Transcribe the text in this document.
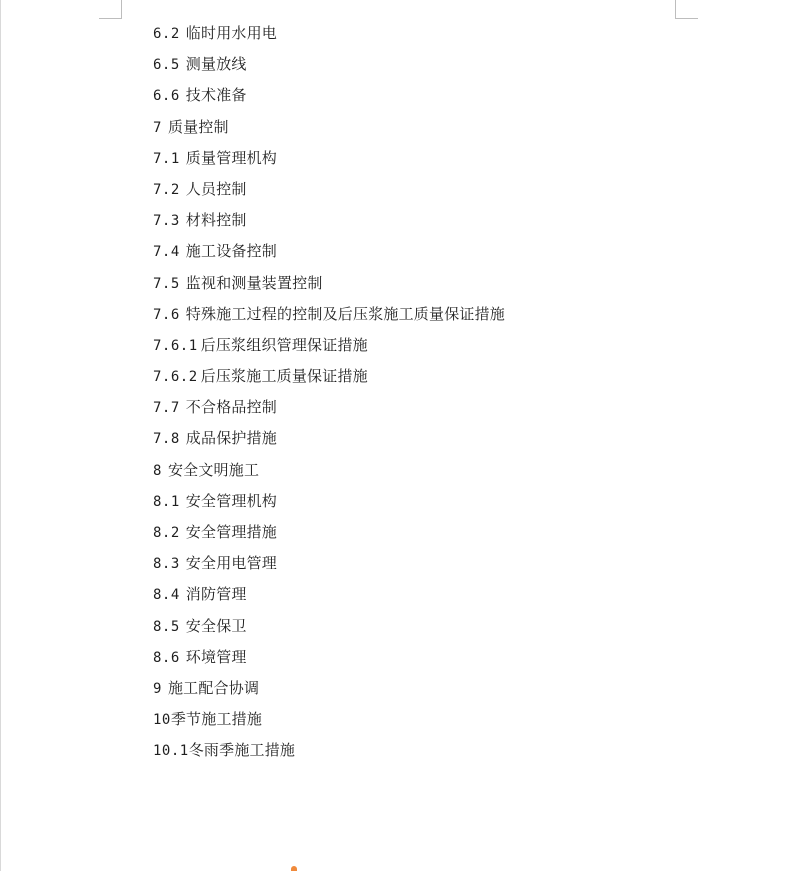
6.2 临时用水用电
6.5 测量放线
6.6 技术准备
7 质量控制
7.1 质量管理机构
7.2 人员控制
7.3 材料控制
7.4 施工设备控制
7.5 监视和测量装置控制
7.6 特殊施工过程的控制及后压浆施工质量保证措施
7.6.1 后压浆组织管理保证措施
7.6.2 后压浆施工质量保证措施
7.7 不合格品控制
7.8 成品保护措施
8 安全文明施工
8.1 安全管理机构
8.2 安全管理措施
8.3 安全用电管理
8.4 消防管理
8.5 安全保卫
8.6 环境管理
9 施工配合协调
10季节施工措施
10.1冬雨季施工措施
